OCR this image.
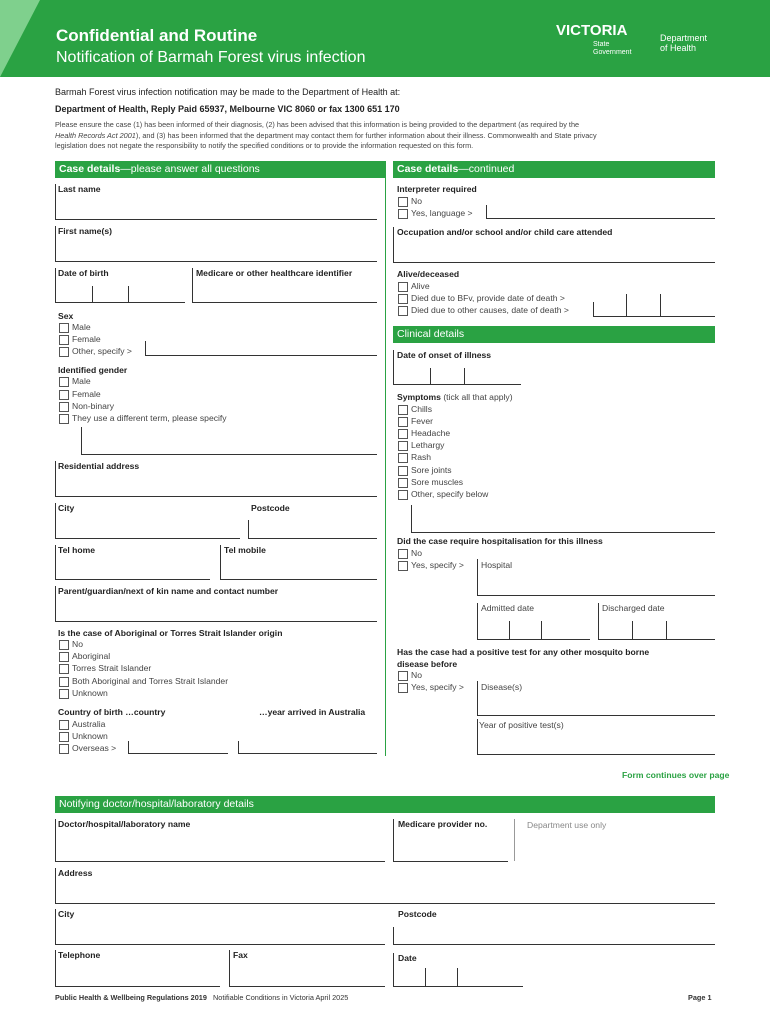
Confidential and Routine
Notification of Barmah Forest virus infection
VICTORIA
State
Government
Department
of Health
Barmah Forest virus infection notification may be made to the Department of Health at:
Department of Health, Reply Paid 65937, Melbourne VIC 8060 or fax 1300 651 170
Please ensure the case (1) has been informed of their diagnosis, (2) has been advised that this information is being provided to the department (as required by the
Health Records Act 2001), and (3) has been informed that the department may contact them for further information about their illness. Commonwealth and State privacy
legislation does not negate the responsibility to notify the specified conditions or to provide the information requested on this form.
Case details—please answer all questions
Last name
First name(s)
Date of birth	Medicare or other healthcare identifier
Sex
Male
Female
Other, specify >
Identified gender
Male
Female
Non-binary
They use a different term, please specify
Residential address
City	Postcode
Tel home	Tel mobile
Parent/guardian/next of kin name and contact number
Is the case of Aboriginal or Torres Strait Islander origin
No
Aboriginal
Torres Strait Islander
Both Aboriginal and Torres Strait Islander
Unknown
Country of birth …country	…year arrived in Australia
Australia
Unknown
Overseas >
Case details—continued
Interpreter required
No
Yes, language >
Occupation and/or school and/or child care attended
Alive/deceased
Alive
Died due to BFv, provide date of death >
Died due to other causes, date of death >
Clinical details
Date of onset of illness
Symptoms (tick all that apply)
Chills
Fever
Headache
Lethargy
Rash
Sore joints
Sore muscles
Other, specify below
Did the case require hospitalisation for this illness
No
Yes, specify > Hospital
Admitted date	Discharged date
Has the case had a positive test for any other mosquito borne
disease before
No
Yes, specify > Disease(s)
Year of positive test(s)
Form continues over page
Notifying doctor/hospital/laboratory details
Doctor/hospital/laboratory name	Medicare provider no.	Department use only
Address
City	Postcode
Telephone	Fax	Date
Public Health & Wellbeing Regulations 2019 Notifiable Conditions in Victoria April 2025	Page 1
